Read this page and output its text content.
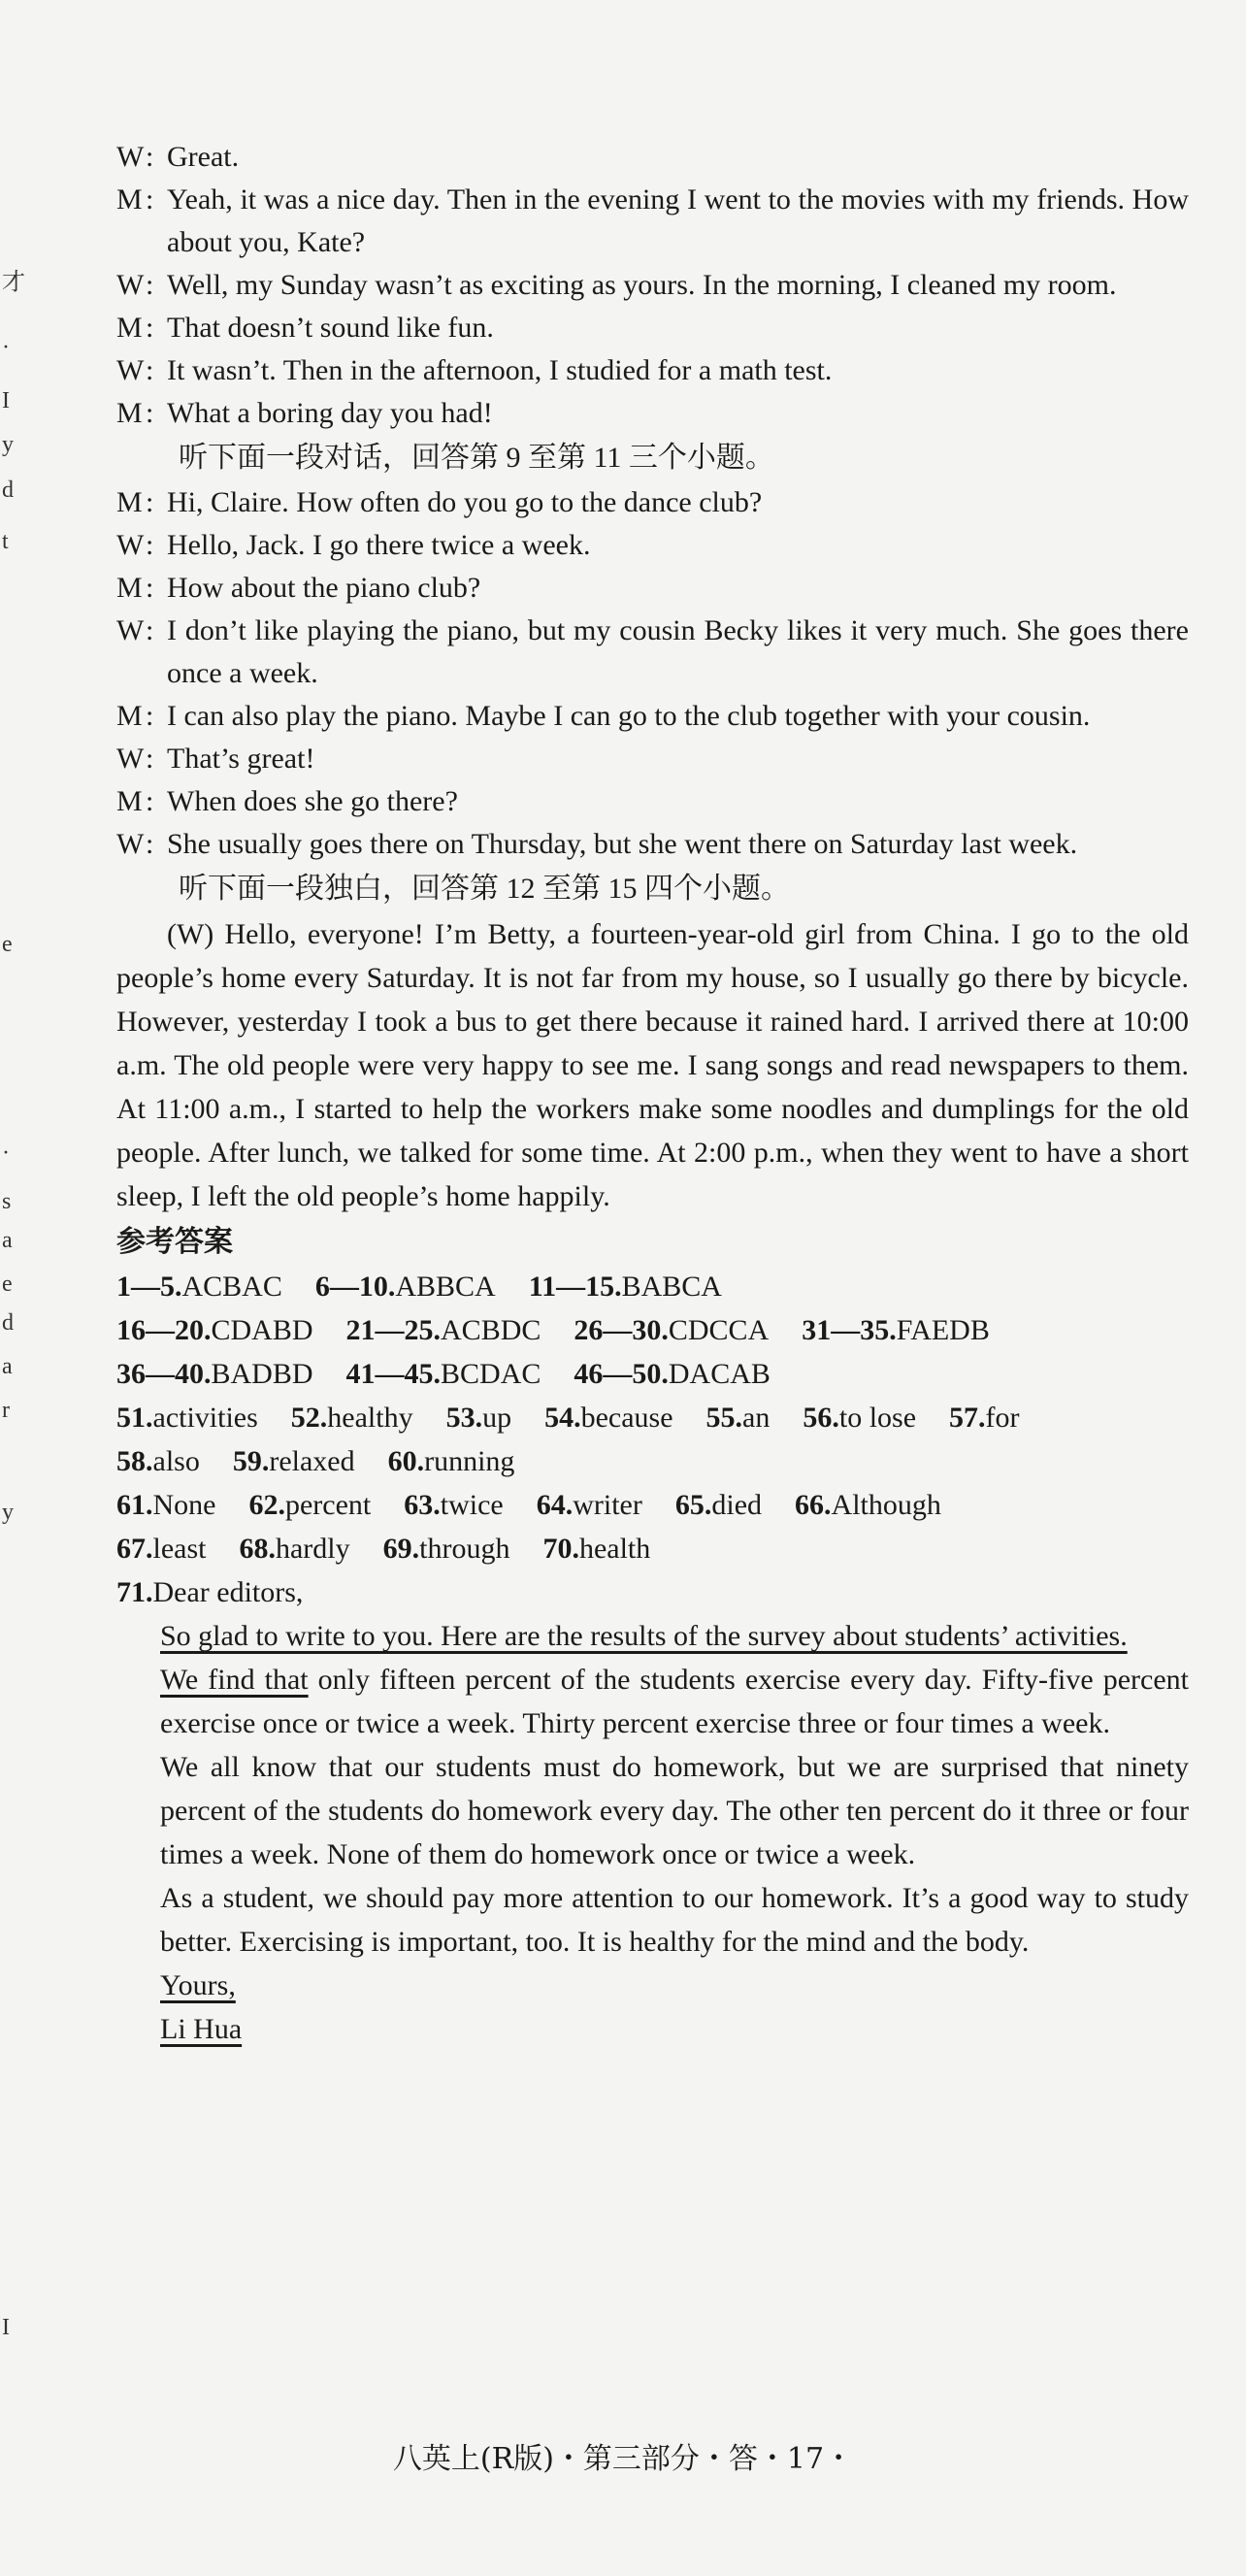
才
·
I
y
d
t
e
·
s
a
e
d
a
r
y
I
W : Great.
M : Yeah, it was a nice day. Then in the evening I went to the movies with my friends. How about you, Kate?
W : Well, my Sunday wasn’t as exciting as yours. In the morning, I cleaned my room.
M : That doesn’t sound like fun.
W : It wasn’t. Then in the afternoon, I studied for a math test.
M : What a boring day you had!
听下面一段对话，回答第 9 至第 11 三个小题。
M : Hi, Claire. How often do you go to the dance club?
W : Hello, Jack. I go there twice a week.
M : How about the piano club?
W : I don’t like playing the piano, but my cousin Becky likes it very much. She goes there once a week.
M : I can also play the piano. Maybe I can go to the club together with your cousin.
W : That’s great!
M : When does she go there?
W : She usually goes there on Thursday, but she went there on Saturday last week.
听下面一段独白，回答第 12 至第 15 四个小题。
(W) Hello, everyone! I’m Betty, a fourteen-year-old girl from China. I go to the old people’s home every Saturday. It is not far from my house, so I usually go there by bicycle. However, yesterday I took a bus to get there because it rained hard. I arrived there at 10:00 a.m. The old people were very happy to see me. I sang songs and read newspapers to them. At 11:00 a.m., I started to help the workers make some noodles and dumplings for the old people. After lunch, we talked for some time. At 2:00 p.m., when they went to have a short sleep, I left the old people’s home happily.
参考答案
1—5.ACBAC 6—10.ABBCA 11—15.BABCA
16—20.CDABD 21—25.ACBDC 26—30.CDCCA 31—35.FAEDB
36—40.BADBD 41—45.BCDAC 46—50.DACAB
51.activities 52.healthy 53.up 54.because 55.an 56.to lose 57.for
58.also 59.relaxed 60.running
61.None 62.percent 63.twice 64.writer 65.died 66.Although
67.least 68.hardly 69.through 70.health
71.Dear editors,

So glad to write to you. Here are the results of the survey about students’ activities.

We find that only fifteen percent of the students exercise every day. Fifty-five percent exercise once or twice a week. Thirty percent exercise three or four times a week.

We all know that our students must do homework, but we are surprised that ninety percent of the students do homework every day. The other ten percent do it three or four times a week. None of them do homework once or twice a week.

As a student, we should pay more attention to our homework. It’s a good way to study better. Exercising is important, too. It is healthy for the mind and the body.

Yours,

Li Hua

八英上(R版)・第三部分・答・17・
